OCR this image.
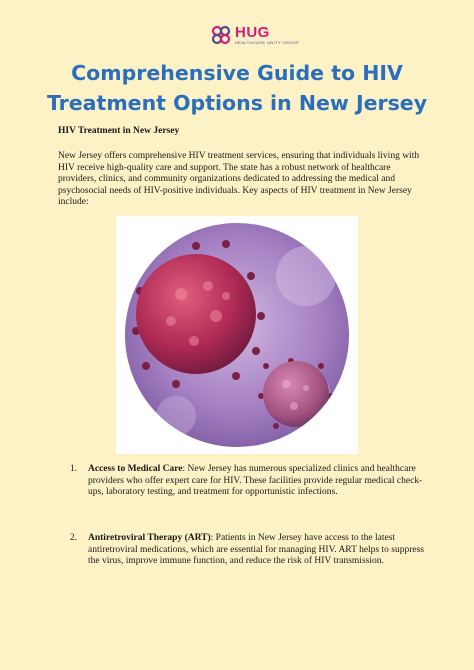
HUG
HEALTHCARE UNITY GROUP
Comprehensive Guide to HIV
Treatment Options in New Jersey
HIV Treatment in New Jersey
New Jersey offers comprehensive HIV treatment services, ensuring that individuals living with HIV receive high-quality care and support. The state has a robust network of healthcare providers, clinics, and community organizations dedicated to addressing the medical and psychosocial needs of HIV-positive individuals. Key aspects of HIV treatment in New Jersey include:
1. Access to Medical Care: New Jersey has numerous specialized clinics and healthcare providers who offer expert care for HIV. These facilities provide regular medical check-ups, laboratory testing, and treatment for opportunistic infections.
2. Antiretroviral Therapy (ART): Patients in New Jersey have access to the latest antiretroviral medications, which are essential for managing HIV. ART helps to suppress the virus, improve immune function, and reduce the risk of HIV transmission.
